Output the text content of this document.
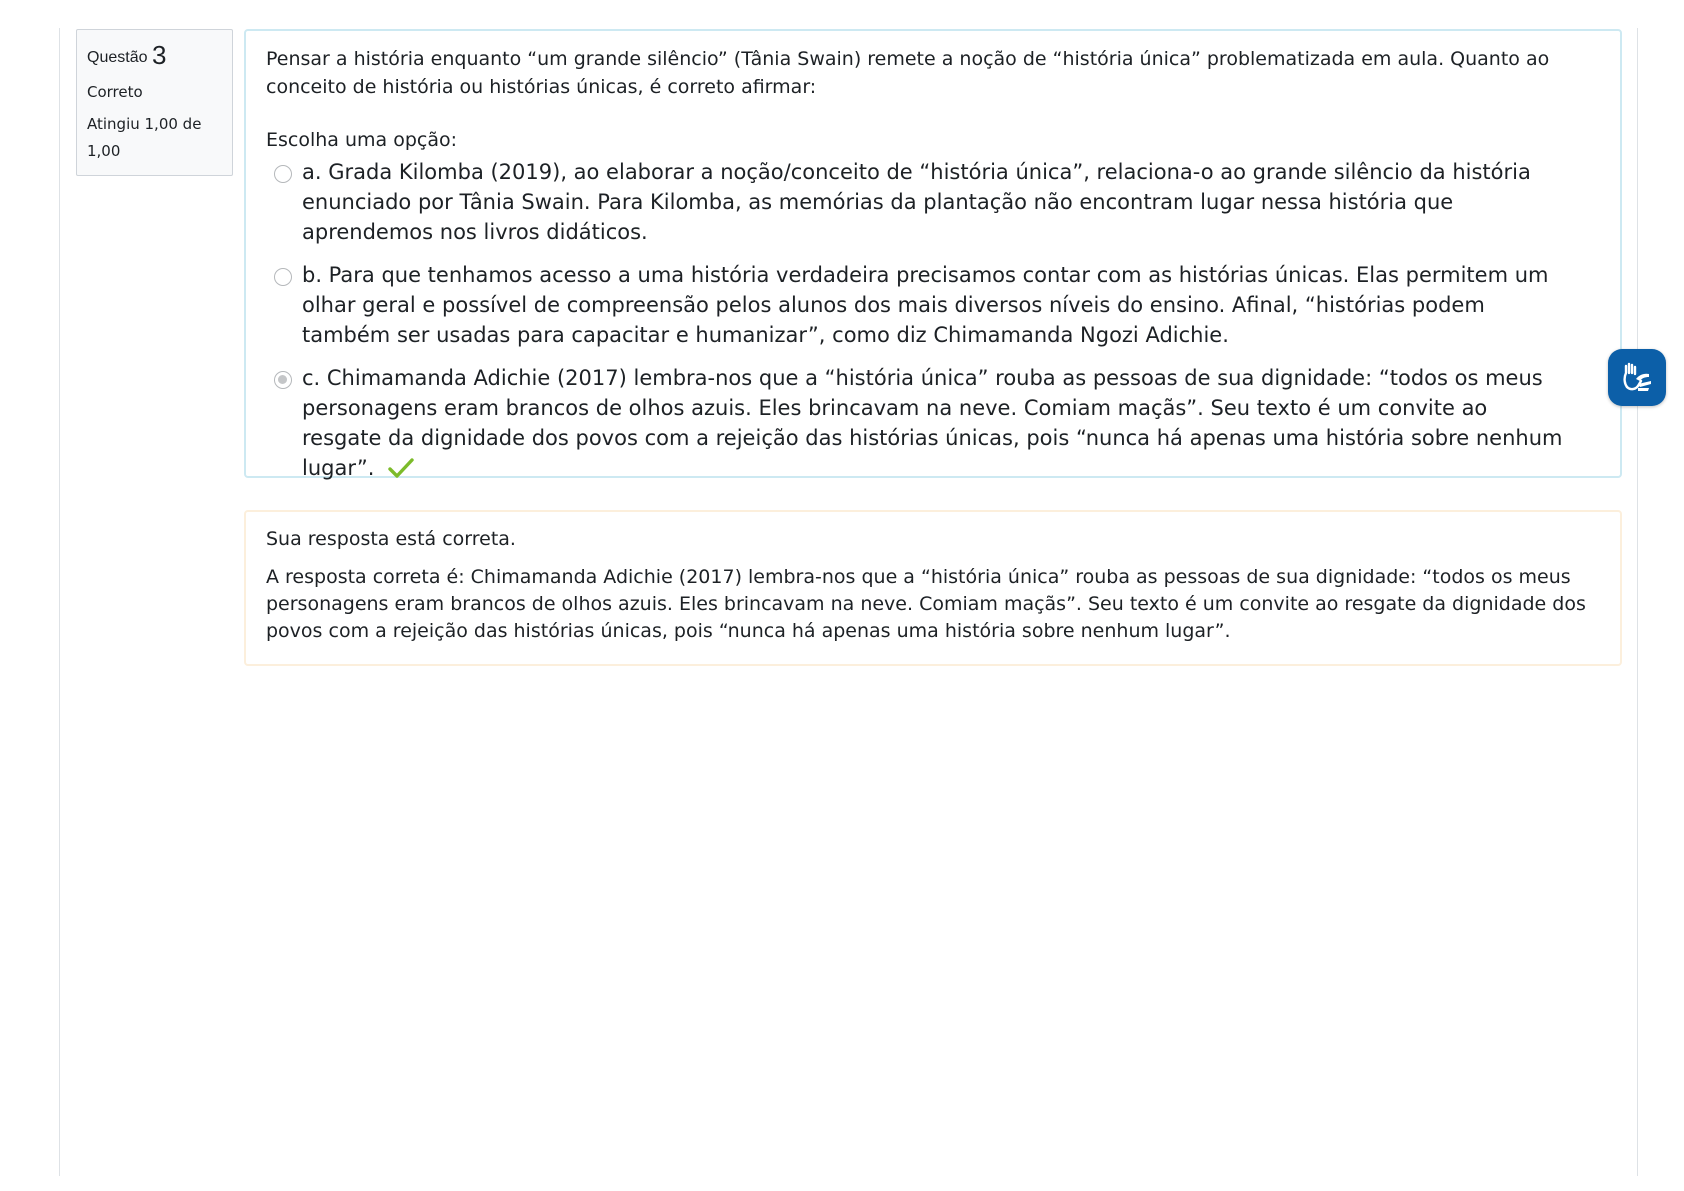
Questão 3
Correto
Atingiu 1,00 de 1,00

Pensar a história enquanto “um grande silêncio” (Tânia Swain) remete a noção de “história única” problematizada em aula. Quanto ao conceito de história ou histórias únicas, é correto afirmar:

Escolha uma opção:
a. Grada Kilomba (2019), ao elaborar a noção/conceito de “história única”, relaciona-o ao grande silêncio da história enunciado por Tânia Swain. Para Kilomba, as memórias da plantação não encontram lugar nessa história que aprendemos nos livros didáticos.
b. Para que tenhamos acesso a uma história verdadeira precisamos contar com as histórias únicas. Elas permitem um olhar geral e possível de compreensão pelos alunos dos mais diversos níveis do ensino. Afinal, “histórias podem também ser usadas para capacitar e humanizar”, como diz Chimamanda Ngozi Adichie.
c. Chimamanda Adichie (2017) lembra-nos que a “história única” rouba as pessoas de sua dignidade: “todos os meus personagens eram brancos de olhos azuis. Eles brincavam na neve. Comiam maçãs”. Seu texto é um convite ao resgate da dignidade dos povos com a rejeição das histórias únicas, pois “nunca há apenas uma história sobre nenhum lugar”.

Sua resposta está correta.

A resposta correta é: Chimamanda Adichie (2017) lembra-nos que a “história única” rouba as pessoas de sua dignidade: “todos os meus personagens eram brancos de olhos azuis. Eles brincavam na neve. Comiam maçãs”. Seu texto é um convite ao resgate da dignidade dos povos com a rejeição das histórias únicas, pois “nunca há apenas uma história sobre nenhum lugar”.
